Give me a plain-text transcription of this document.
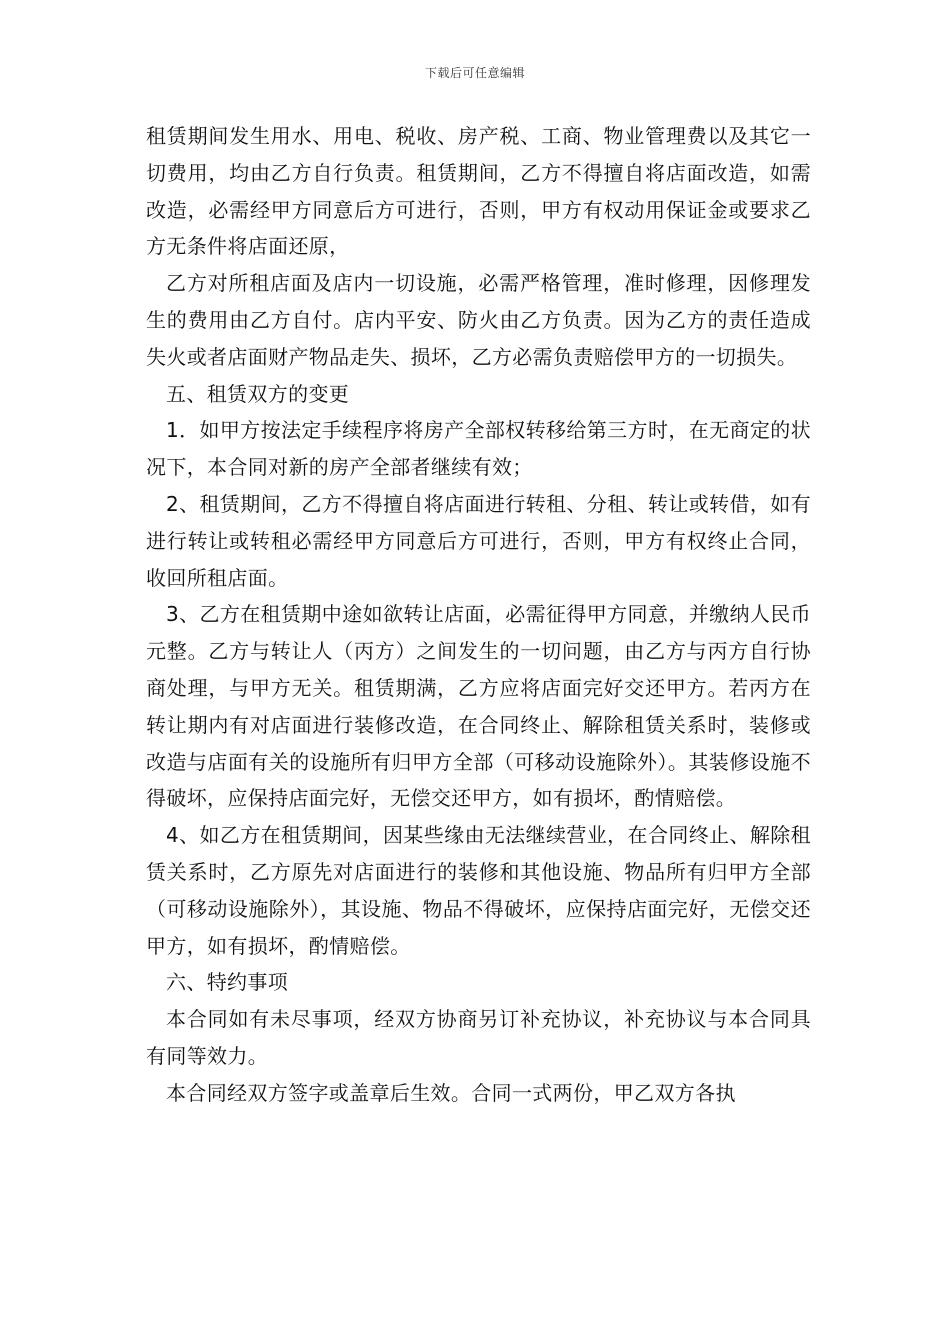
下载后可任意编辑

租赁期间发生用水、用电、税收、房产税、工商、物业管理费以及其它一切费用，均由乙方自行负责。租赁期间，乙方不得擅自将店面改造，如需改造，必需经甲方同意后方可进行，否则，甲方有权动用保证金或要求乙方无条件将店面还原，

乙方对所租店面及店内一切设施，必需严格管理，准时修理，因修理发生的费用由乙方自付。店内平安、防火由乙方负责。因为乙方的责任造成失火或者店面财产物品走失、损坏，乙方必需负责赔偿甲方的一切损失。

五、租赁双方的变更

1．如甲方按法定手续程序将房产全部权转移给第三方时，在无商定的状况下，本合同对新的房产全部者继续有效；

2、租赁期间，乙方不得擅自将店面进行转租、分租、转让或转借，如有进行转让或转租必需经甲方同意后方可进行，否则，甲方有权终止合同，收回所租店面。

3、乙方在租赁期中途如欲转让店面，必需征得甲方同意，并缴纳人民币元整。乙方与转让人（丙方）之间发生的一切问题，由乙方与丙方自行协商处理，与甲方无关。租赁期满，乙方应将店面完好交还甲方。若丙方在转让期内有对店面进行装修改造，在合同终止、解除租赁关系时，装修或改造与店面有关的设施所有归甲方全部（可移动设施除外）。其装修设施不得破坏，应保持店面完好，无偿交还甲方，如有损坏，酌情赔偿。

4、如乙方在租赁期间，因某些缘由无法继续营业，在合同终止、解除租赁关系时，乙方原先对店面进行的装修和其他设施、物品所有归甲方全部（可移动设施除外），其设施、物品不得破坏，应保持店面完好，无偿交还甲方，如有损坏，酌情赔偿。

六、特约事项

本合同如有未尽事项，经双方协商另订补充协议，补充协议与本合同具有同等效力。

本合同经双方签字或盖章后生效。合同一式两份，甲乙双方各执
